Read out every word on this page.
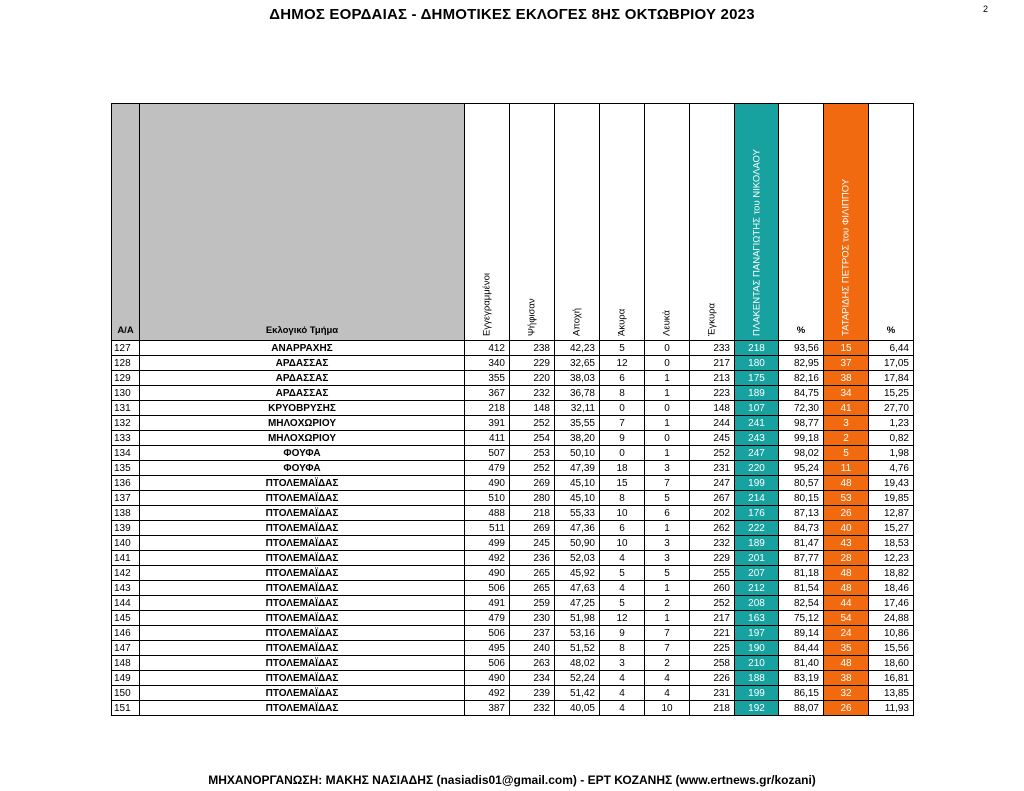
ΔΗΜΟΣ ΕΟΡΔΑΙΑΣ - ΔΗΜΟΤΙΚΕΣ ΕΚΛΟΓΕΣ 8ΗΣ ΟΚΤΩΒΡΙΟΥ 2023	2
Α/Α	Εκλογικό Τμήμα	Εγγεγραμμένοι	Ψήφισαν	Αποχή	Άκυρα	Λευκά	Έγκυρα	ΠΛΑΚΕΝΤΑΣ ΠΑΝΑΓΙΩΤΗΣ του ΝΙΚΟΛΑΟΥ	%	ΤΑΤΑΡΙΔΗΣ ΠΕΤΡΟΣ του ΦΙΛΙΠΠΟΥ	%

127	ΑΝΑΡΡΑΧΗΣ	412	238	42,23	5	0	233	218	93,56	15	6,44
128	ΑΡΔΑΣΣΑΣ	340	229	32,65	12	0	217	180	82,95	37	17,05
129	ΑΡΔΑΣΣΑΣ	355	220	38,03	6	1	213	175	82,16	38	17,84
130	ΑΡΔΑΣΣΑΣ	367	232	36,78	8	1	223	189	84,75	34	15,25
131	ΚΡΥΟΒΡΥΣΗΣ	218	148	32,11	0	0	148	107	72,30	41	27,70
132	ΜΗΛΟΧΩΡΙΟΥ	391	252	35,55	7	1	244	241	98,77	3	1,23
133	ΜΗΛΟΧΩΡΙΟΥ	411	254	38,20	9	0	245	243	99,18	2	0,82
134	ΦΟΥΦΑ	507	253	50,10	0	1	252	247	98,02	5	1,98
135	ΦΟΥΦΑ	479	252	47,39	18	3	231	220	95,24	11	4,76
136	ΠΤΟΛΕΜΑΪΔΑΣ	490	269	45,10	15	7	247	199	80,57	48	19,43
137	ΠΤΟΛΕΜΑΪΔΑΣ	510	280	45,10	8	5	267	214	80,15	53	19,85
138	ΠΤΟΛΕΜΑΪΔΑΣ	488	218	55,33	10	6	202	176	87,13	26	12,87
139	ΠΤΟΛΕΜΑΪΔΑΣ	511	269	47,36	6	1	262	222	84,73	40	15,27
140	ΠΤΟΛΕΜΑΪΔΑΣ	499	245	50,90	10	3	232	189	81,47	43	18,53
141	ΠΤΟΛΕΜΑΪΔΑΣ	492	236	52,03	4	3	229	201	87,77	28	12,23
142	ΠΤΟΛΕΜΑΪΔΑΣ	490	265	45,92	5	5	255	207	81,18	48	18,82
143	ΠΤΟΛΕΜΑΪΔΑΣ	506	265	47,63	4	1	260	212	81,54	48	18,46
144	ΠΤΟΛΕΜΑΪΔΑΣ	491	259	47,25	5	2	252	208	82,54	44	17,46
145	ΠΤΟΛΕΜΑΪΔΑΣ	479	230	51,98	12	1	217	163	75,12	54	24,88
146	ΠΤΟΛΕΜΑΪΔΑΣ	506	237	53,16	9	7	221	197	89,14	24	10,86
147	ΠΤΟΛΕΜΑΪΔΑΣ	495	240	51,52	8	7	225	190	84,44	35	15,56
148	ΠΤΟΛΕΜΑΪΔΑΣ	506	263	48,02	3	2	258	210	81,40	48	18,60
149	ΠΤΟΛΕΜΑΪΔΑΣ	490	234	52,24	4	4	226	188	83,19	38	16,81
150	ΠΤΟΛΕΜΑΪΔΑΣ	492	239	51,42	4	4	231	199	86,15	32	13,85
151	ΠΤΟΛΕΜΑΪΔΑΣ	387	232	40,05	4	10	218	192	88,07	26	11,93
ΜΗΧΑΝΟΡΓΑΝΩΣΗ: ΜΑΚΗΣ ΝΑΣΙΑΔΗΣ (nasiadis01@gmail.com) - ΕΡΤ ΚΟΖΑΝΗΣ (www.ertnews.gr/kozani)
